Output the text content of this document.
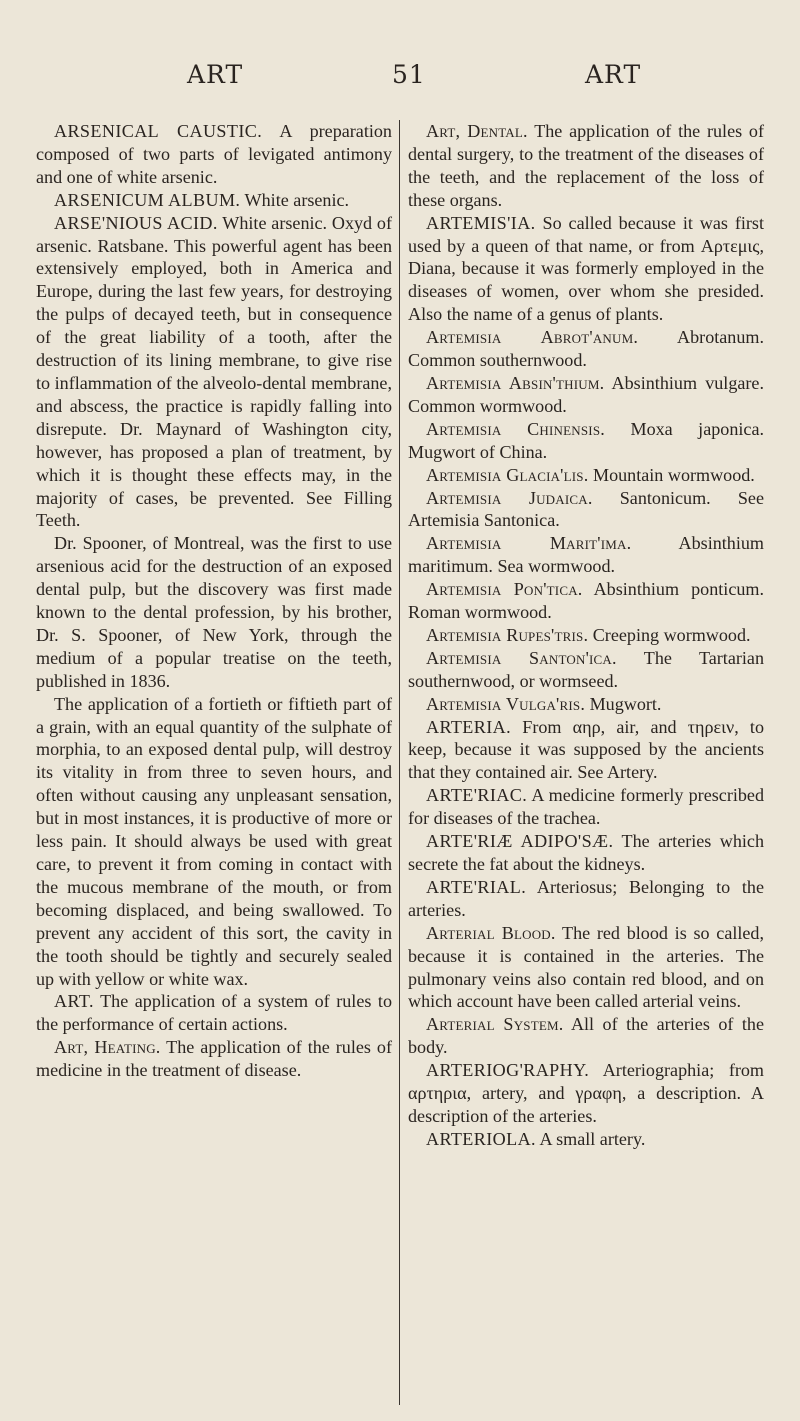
ART	51	ART

ARSENICAL CAUSTIC. A preparation composed of two parts of levigated antimony and one of white arsenic.

ARSENICUM ALBUM. White arsenic.

ARSE'NIOUS ACID. White arsenic. Oxyd of arsenic. Ratsbane. This powerful agent has been extensively employed, both in America and Europe, during the last few years, for destroying the pulps of decayed teeth, but in consequence of the great liability of a tooth, after the destruction of its lining membrane, to give rise to inflammation of the alveolo-dental membrane, and abscess, the practice is rapidly falling into disrepute. Dr. Maynard of Washington city, however, has proposed a plan of treatment, by which it is thought these effects may, in the majority of cases, be prevented. See Filling Teeth.

Dr. Spooner, of Montreal, was the first to use arsenious acid for the destruction of an exposed dental pulp, but the discovery was first made known to the dental profession, by his brother, Dr. S. Spooner, of New York, through the medium of a popular treatise on the teeth, published in 1836.

The application of a fortieth or fiftieth part of a grain, with an equal quantity of the sulphate of morphia, to an exposed dental pulp, will destroy its vitality in from three to seven hours, and often without causing any unpleasant sensation, but in most instances, it is productive of more or less pain. It should always be used with great care, to prevent it from coming in contact with the mucous membrane of the mouth, or from becoming displaced, and being swallowed. To prevent any accident of this sort, the cavity in the tooth should be tightly and securely sealed up with yellow or white wax.

ART. The application of a system of rules to the performance of certain actions.

Art, Heating. The application of the rules of medicine in the treatment of disease.

Art, Dental. The application of the rules of dental surgery, to the treatment of the diseases of the teeth, and the replacement of the loss of these organs.

ARTEMIS'IA. So called because it was first used by a queen of that name, or from Αρτεμις, Diana, because it was formerly employed in the diseases of women, over whom she presided. Also the name of a genus of plants.

Artemisia Abrot'anum. Abrotanum. Common southernwood.

Artemisia Absin'thium. Absinthium vulgare. Common wormwood.

Artemisia Chinensis. Moxa japonica. Mugwort of China.

Artemisia Glacia'lis. Mountain wormwood.

Artemisia Judaica. Santonicum. See Artemisia Santonica.

Artemisia Marit'ima. Absinthium maritimum. Sea wormwood.

Artemisia Pon'tica. Absinthium ponticum. Roman wormwood.

Artemisia Rupes'tris. Creeping wormwood.

Artemisia Santon'ica. The Tartarian southernwood, or wormseed.

Artemisia Vulga'ris. Mugwort.

ARTERIA. From αηρ, air, and τηρειν, to keep, because it was supposed by the ancients that they contained air. See Artery.

ARTE'RIAC. A medicine formerly prescribed for diseases of the trachea.

ARTE'RIÆ ADIPO'SÆ. The arteries which secrete the fat about the kidneys.

ARTE'RIAL. Arteriosus; Belonging to the arteries.

Arterial Blood. The red blood is so called, because it is contained in the arteries. The pulmonary veins also contain red blood, and on which account have been called arterial veins.

Arterial System. All of the arteries of the body.

ARTERIOG'RAPHY. Arteriographia; from αρτηρια, artery, and γραφη, a description. A description of the arteries.

ARTERIOLA. A small artery.
